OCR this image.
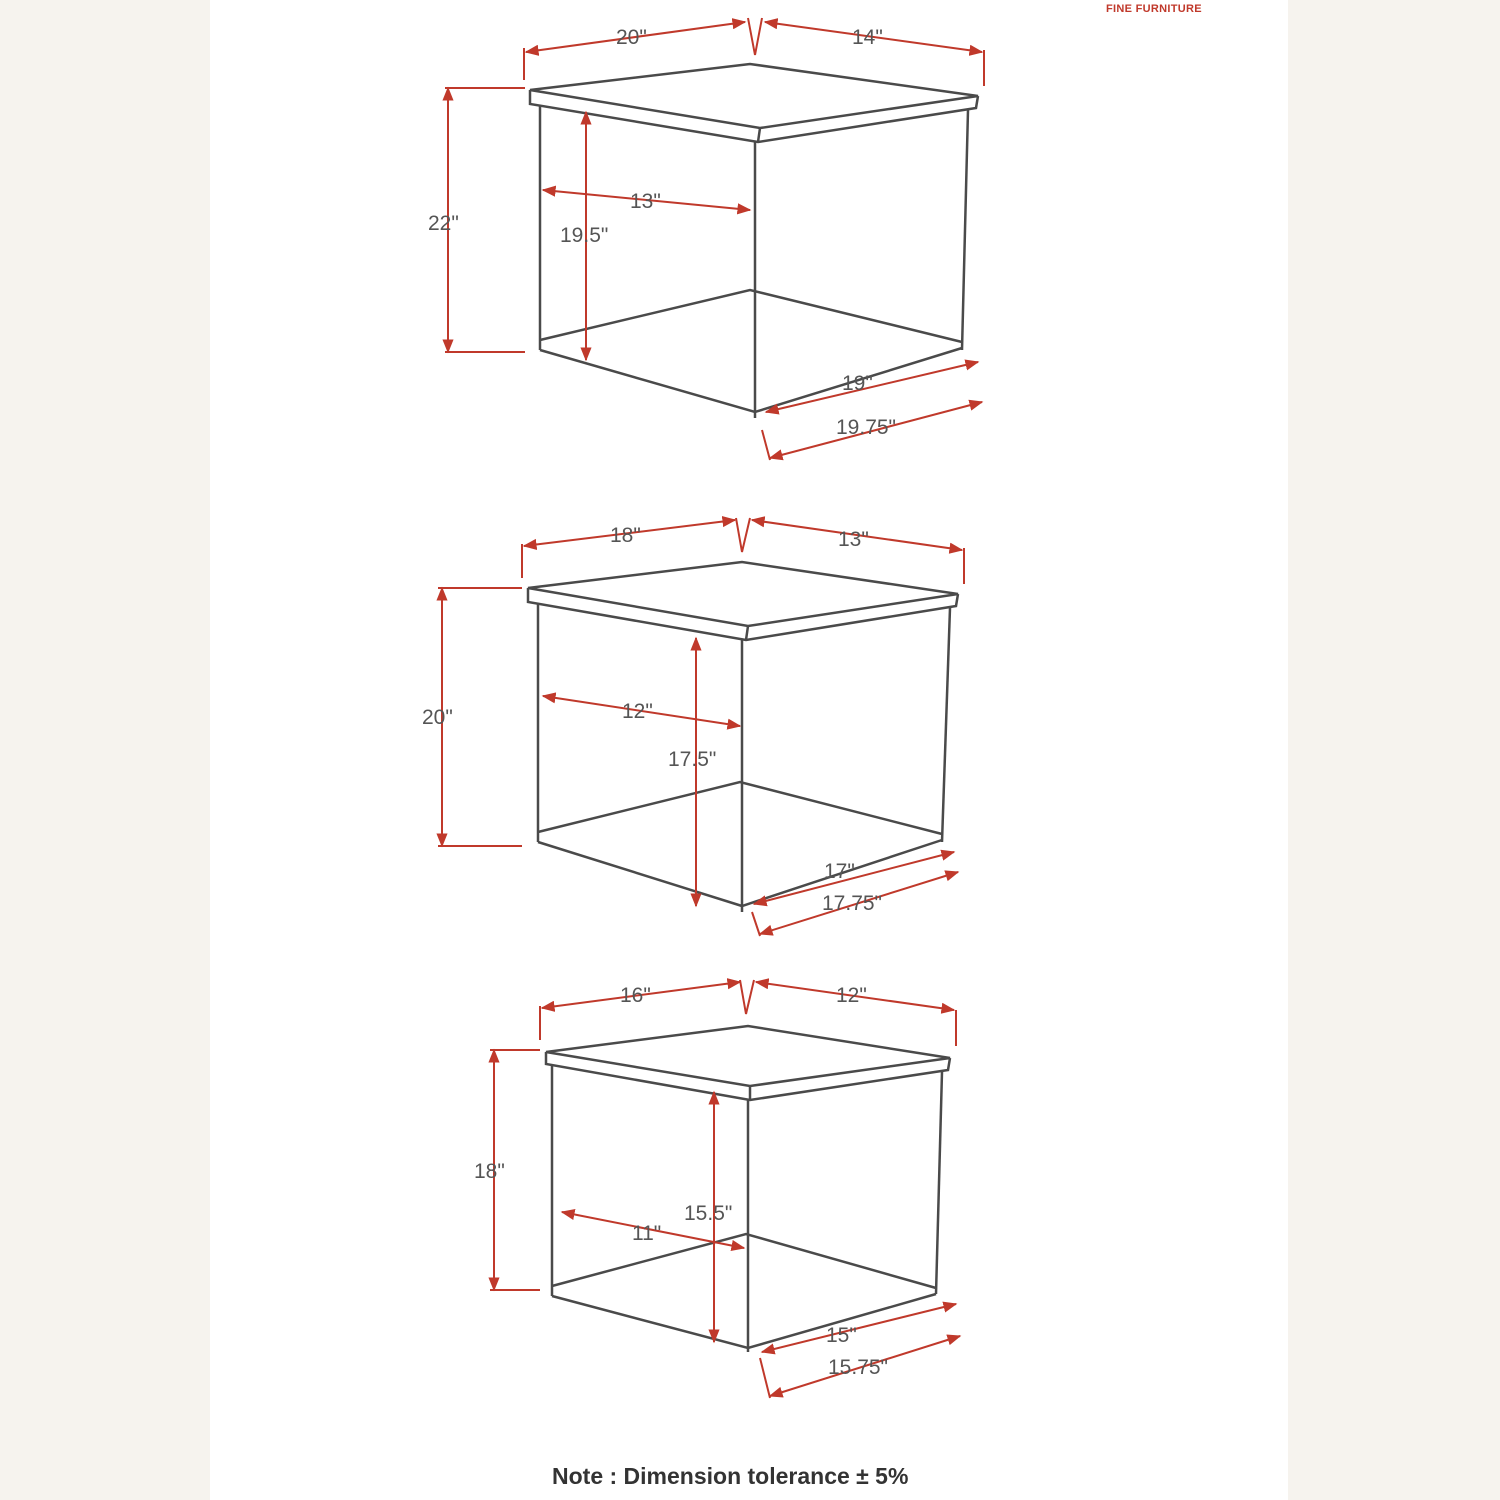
FINE FURNITURE
20"	14"
22"
19.5"
13"
19"
19.75"
18"	13"
20"	12"
17.5"
17"
17.75"
16"	12"
18"
15.5"
11"
15"
15.75"
Note : Dimension tolerance ± 5%
